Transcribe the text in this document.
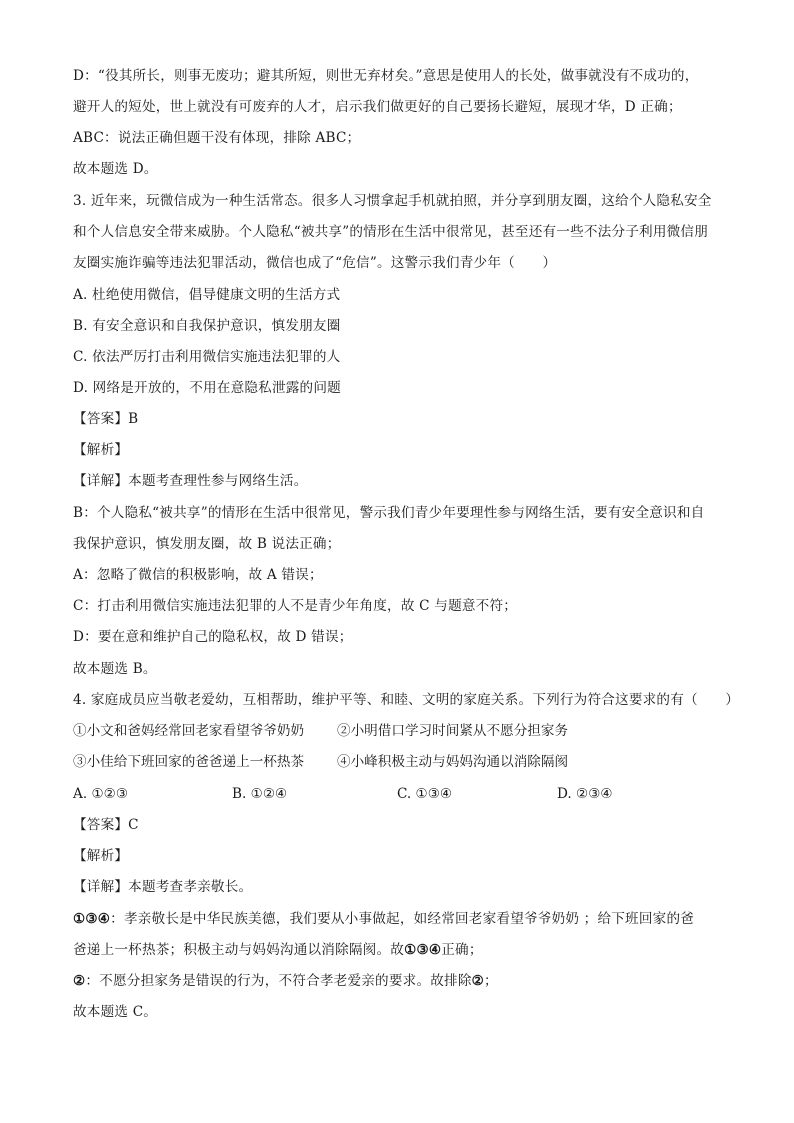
D：“役其所长，则事无废功；避其所短，则世无弃材矣。”意思是使用人的长处，做事就没有不成功的，
避开人的短处，世上就没有可废弃的人才，启示我们做更好的自己要扬长避短，展现才华，D 正确；
ABC：说法正确但题干没有体现，排除 ABC；
故本题选 D。
3. 近年来，玩微信成为一种生活常态。很多人习惯拿起手机就拍照，并分享到朋友圈，这给个人隐私安全
和个人信息安全带来威胁。个人隐私“被共享”的情形在生活中很常见，甚至还有一些不法分子利用微信朋
友圈实施诈骗等违法犯罪活动，微信也成了“危信”。这警示我们青少年（　　）
A. 杜绝使用微信，倡导健康文明的生活方式
B. 有安全意识和自我保护意识，慎发朋友圈
C. 依法严厉打击利用微信实施违法犯罪的人
D. 网络是开放的，不用在意隐私泄露的问题
【答案】B
【解析】
【详解】本题考查理性参与网络生活。
B：个人隐私“被共享”的情形在生活中很常见，警示我们青少年要理性参与网络生活，要有安全意识和自
我保护意识，慎发朋友圈，故 B 说法正确；
A：忽略了微信的积极影响，故 A 错误；
C：打击利用微信实施违法犯罪的人不是青少年角度，故 C 与题意不符；
D：要在意和维护自己的隐私权，故 D 错误；
故本题选 B。
4. 家庭成员应当敬老爱幼，互相帮助，维护平等、和睦、文明的家庭关系。下列行为符合这要求的有（　　）
①小文和爸妈经常回老家看望爷爷奶奶 ②小明借口学习时间紧从不愿分担家务
③小佳给下班回家的爸爸递上一杯热茶 ④小峰积极主动与妈妈沟通以消除隔阂
A. ①②③	B. ①②④	C. ①③④	D. ②③④
【答案】C
【解析】
【详解】本题考查孝亲敬长。
①③④：孝亲敬长是中华民族美德，我们要从小事做起，如经常回老家看望爷爷奶奶 ；给下班回家的爸
爸递上一杯热茶；积极主动与妈妈沟通以消除隔阂。故①③④正确；
②：不愿分担家务是错误的行为，不符合孝老爱亲的要求。故排除②；
故本题选 C。
